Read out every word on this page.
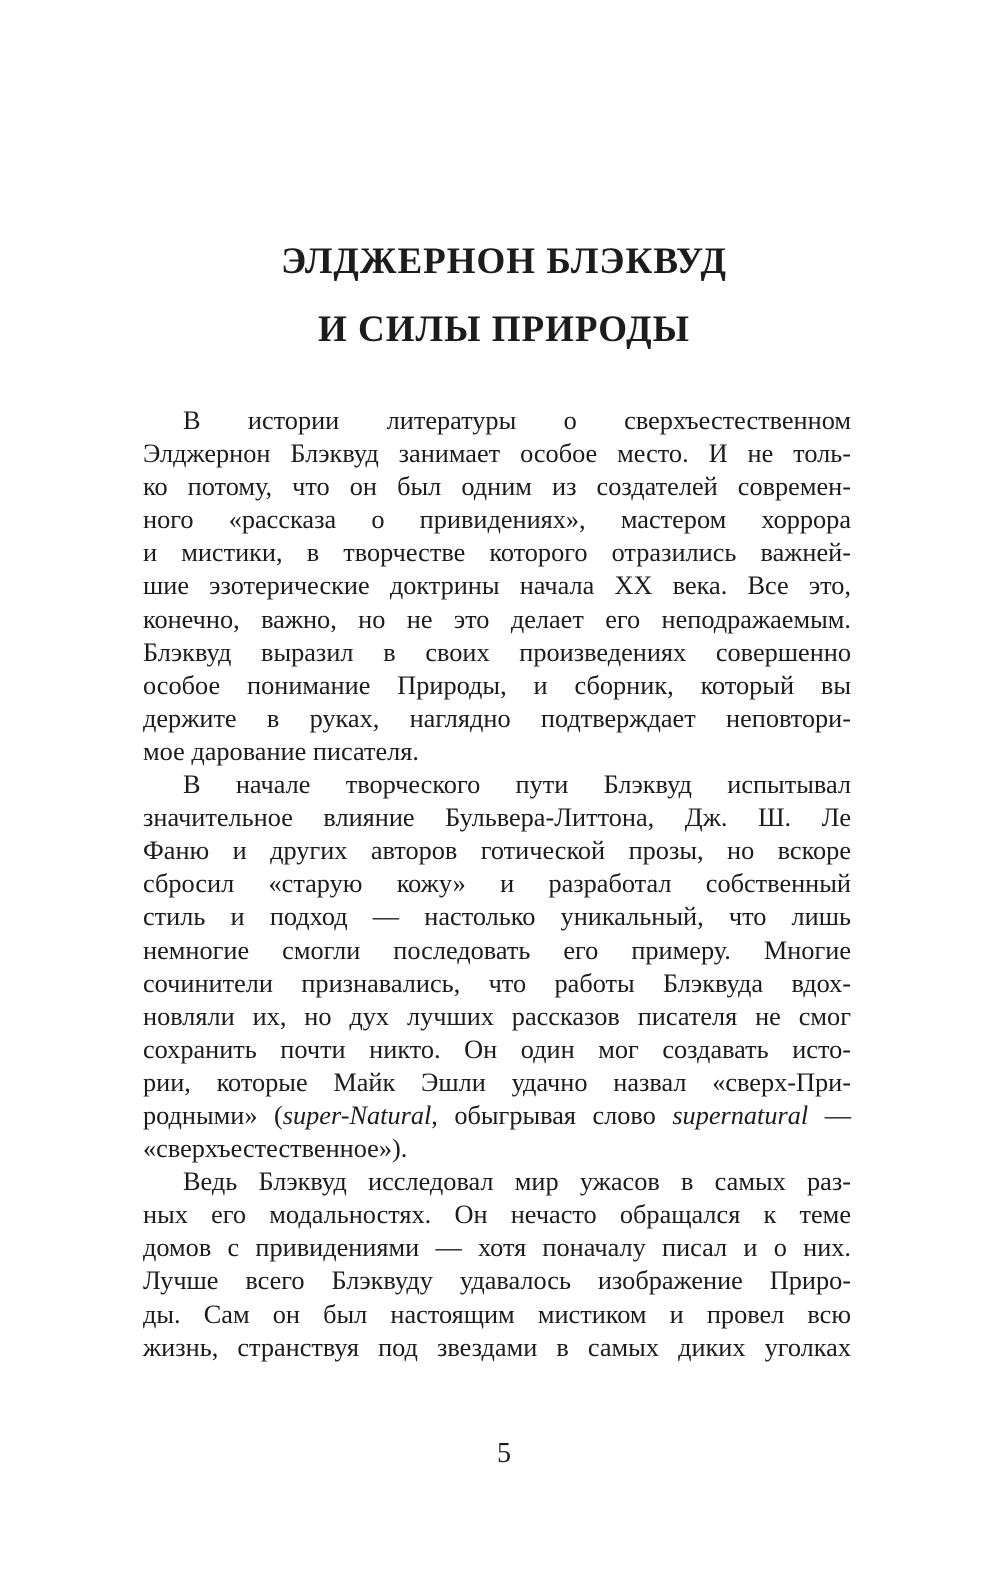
ЭЛДЖЕРНОН БЛЭКВУД
И СИЛЫ ПРИРОДЫ
В истории литературы о сверхъестественном
Элджернон Блэквуд занимает особое место. И не толь-
ко потому, что он был одним из создателей современ-
ного «рассказа о привидениях», мастером хоррора
и мистики, в творчестве которого отразились важней-
шие эзотерические доктрины начала XX века. Все это,
конечно, важно, но не это делает его неподражаемым.
Блэквуд выразил в своих произведениях совершенно
особое понимание Природы, и сборник, который вы
держите в руках, наглядно подтверждает неповтори-
мое дарование писателя.
В начале творческого пути Блэквуд испытывал
значительное влияние Бульвера-Литтона, Дж. Ш. Ле
Фаню и других авторов готической прозы, но вскоре
сбросил «старую кожу» и разработал собственный
стиль и подход — настолько уникальный, что лишь
немногие смогли последовать его примеру. Многие
сочинители признавались, что работы Блэквуда вдох-
новляли их, но дух лучших рассказов писателя не смог
сохранить почти никто. Он один мог создавать исто-
рии, которые Майк Эшли удачно назвал «сверх-При-
родными» (super-Natural, обыгрывая слово supernatural —
«сверхъестественное»).
Ведь Блэквуд исследовал мир ужасов в самых раз-
ных его модальностях. Он нечасто обращался к теме
домов с привидениями — хотя поначалу писал и о них.
Лучше всего Блэквуду удавалось изображение Приро-
ды. Сам он был настоящим мистиком и провел всю
жизнь, странствуя под звездами в самых диких уголках
5
